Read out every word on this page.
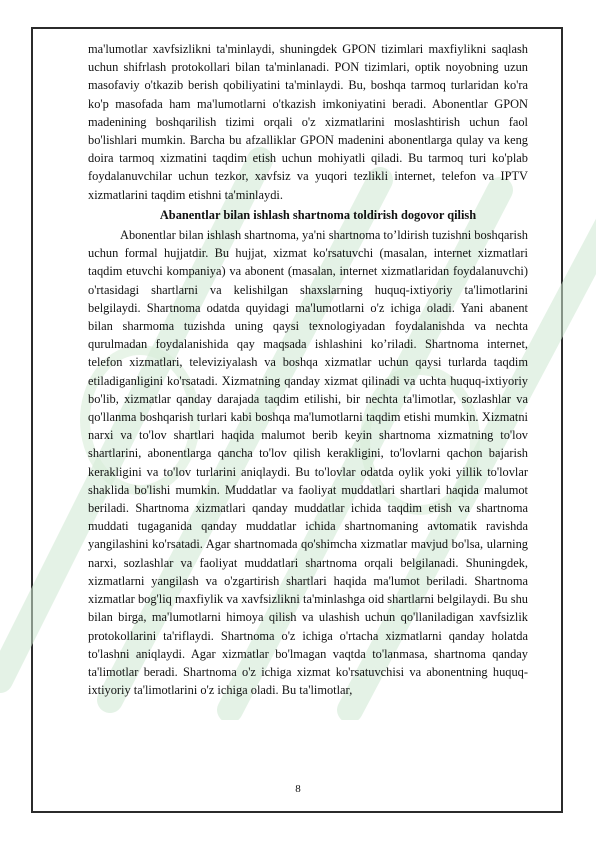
ma'lumotlar xavfsizlikni ta'minlaydi, shuningdek GPON tizimlari maxfiylikni saqlash uchun shifrlash protokollari bilan ta'minlanadi. PON tizimlari, optik noyobning uzun masofaviy o'tkazib berish qobiliyatini ta'minlaydi. Bu, boshqa tarmoq turlaridan ko'ra ko'p masofada ham ma'lumotlarni o'tkazish imkoniyatini beradi. Abonentlar GPON madenining boshqarilish tizimi orqali o'z xizmatlarini moslashtirish uchun faol bo'lishlari mumkin. Barcha bu afzalliklar GPON madenini abonentlarga qulay va keng doira tarmoq xizmatini taqdim etish uchun mohiyatli qiladi. Bu tarmoq turi ko'plab foydalanuvchilar uchun tezkor, xavfsiz va yuqori tezlikli internet, telefon va IPTV xizmatlarini taqdim etishni ta'minlaydi.

Abanentlar bilan ishlash shartnoma toldirish dogovor qilish

Abonentlar bilan ishlash shartnoma, ya'ni shartnoma to’ldirish tuzishni boshqarish uchun formal hujjatdir. Bu hujjat, xizmat ko'rsatuvchi (masalan, internet xizmatlari taqdim etuvchi kompaniya) va abonent (masalan, internet xizmatlaridan foydalanuvchi) o'rtasidagi shartlarni va kelishilgan shaxslarning huquq-ixtiyoriy ta'limotlarini belgilaydi. Shartnoma odatda quyidagi ma'lumotlarni o'z ichiga oladi. Yani abanent bilan sharmoma tuzishda uning qaysi texnologiyadan foydalanishda va nechta qurulmadan foydalanishida qay maqsada ishlashini ko’riladi. Shartnoma internet, telefon xizmatlari, televiziyalash va boshqa xizmatlar uchun qaysi turlarda taqdim etiladiganligini ko'rsatadi. Xizmatning qanday xizmat qilinadi va uchta huquq-ixtiyoriy bo'lib, xizmatlar qanday darajada taqdim etilishi, bir nechta ta'limotlar, sozlashlar va qo'llanma boshqarish turlari kabi boshqa ma'lumotlarni taqdim etishi mumkin. Xizmatni narxi va to'lov shartlari haqida malumot berib keyin shartnoma xizmatning to'lov shartlarini, abonentlarga qancha to'lov qilish kerakligini, to'lovlarni qachon bajarish kerakligini va to'lov turlarini aniqlaydi. Bu to'lovlar odatda oylik yoki yillik to'lovlar shaklida bo'lishi mumkin. Muddatlar va faoliyat muddatlari shartlari haqida malumot beriladi. Shartnoma xizmatlari qanday muddatlar ichida taqdim etish va shartnoma muddati tugaganida qanday muddatlar ichida shartnomaning avtomatik ravishda yangilashini ko'rsatadi. Agar shartnomada qo'shimcha xizmatlar mavjud bo'lsa, ularning narxi, sozlashlar va faoliyat muddatlari shartnoma orqali belgilanadi. Shuningdek, xizmatlarni yangilash va o'zgartirish shartlari haqida ma'lumot beriladi. Shartnoma xizmatlar bog'liq maxfiylik va xavfsizlikni ta'minlashga oid shartlarni belgilaydi. Bu shu bilan birga, ma'lumotlarni himoya qilish va ulashish uchun qo'llaniladigan xavfsizlik protokollarini ta'riflaydi. Shartnoma o'z ichiga o'rtacha xizmatlarni qanday holatda to'lashni aniqlaydi. Agar xizmatlar bo'lmagan vaqtda to'lanmasa, shartnoma qanday ta'limotlar beradi. Shartnoma o'z ichiga xizmat ko'rsatuvchisi va abonentning huquq-ixtiyoriy ta'limotlarini o'z ichiga oladi. Bu ta'limotlar,

8
